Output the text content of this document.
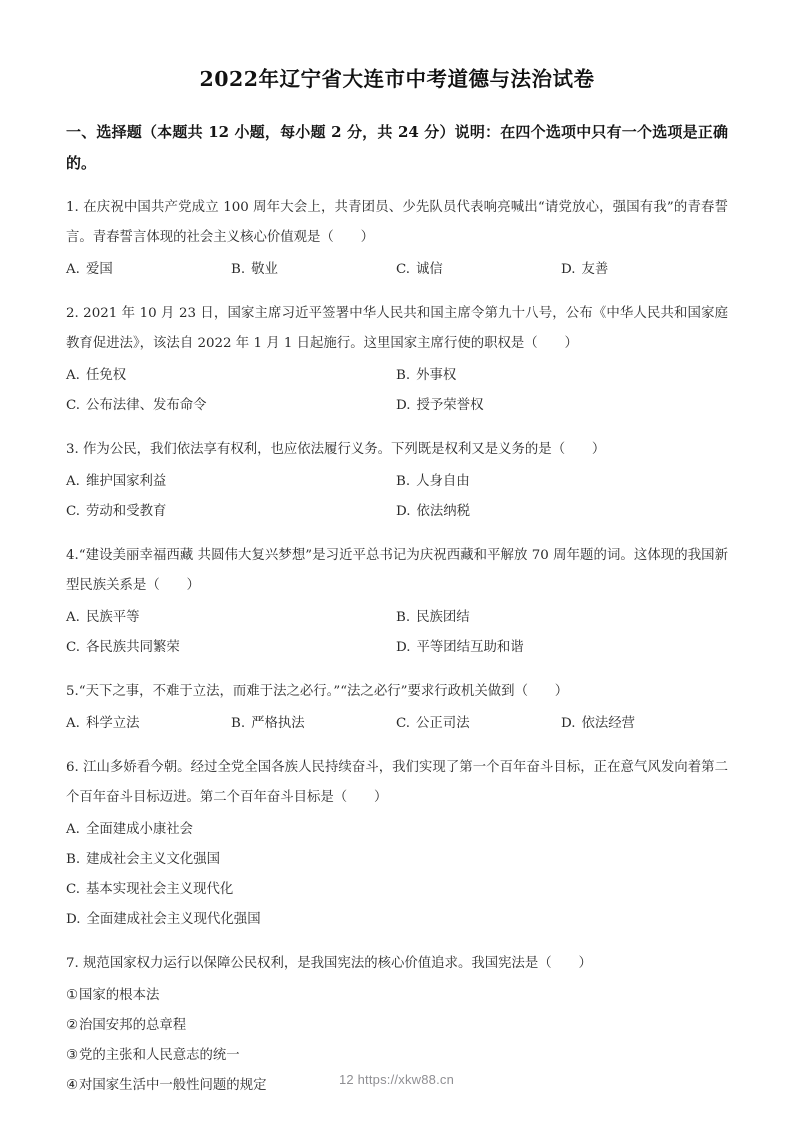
2022年辽宁省大连市中考道德与法治试卷
一、选择题（本题共 12 小题，每小题 2 分，共 24 分）说明：在四个选项中只有一个选项是正确的。
1. 在庆祝中国共产党成立 100 周年大会上，共青团员、少先队员代表响亮喊出“请党放心，强国有我”的青春誓言。青春誓言体现的社会主义核心价值观是（　　）
A. 爱国	B. 敬业	C. 诚信	D. 友善
2. 2021 年 10 月 23 日，国家主席习近平签署中华人民共和国主席令第九十八号，公布《中华人民共和国家庭教育促进法》，该法自 2022 年 1 月 1 日起施行。这里国家主席行使的职权是（　　）
A. 任免权	B. 外事权
C. 公布法律、发布命令	D. 授予荣誉权
3. 作为公民，我们依法享有权利，也应依法履行义务。下列既是权利又是义务的是（　　）
A. 维护国家利益	B. 人身自由
C. 劳动和受教育	D. 依法纳税
4.“建设美丽幸福西藏 共圆伟大复兴梦想”是习近平总书记为庆祝西藏和平解放 70 周年题的词。这体现的我国新型民族关系是（　　）
A. 民族平等	B. 民族团结
C. 各民族共同繁荣	D. 平等团结互助和谐
5.“天下之事，不难于立法，而难于法之必行。”“法之必行”要求行政机关做到（　　）
A. 科学立法	B. 严格执法	C. 公正司法	D. 依法经营
6. 江山多娇看今朝。经过全党全国各族人民持续奋斗，我们实现了第一个百年奋斗目标，正在意气风发向着第二个百年奋斗目标迈进。第二个百年奋斗目标是（　　）
A. 全面建成小康社会
B. 建成社会主义文化强国
C. 基本实现社会主义现代化
D. 全面建成社会主义现代化强国
7. 规范国家权力运行以保障公民权利，是我国宪法的核心价值追求。我国宪法是（　　）
①国家的根本法
②治国安邦的总章程
③党的主张和人民意志的统一
④对国家生活中一般性问题的规定	12 https://xkw88.cn
